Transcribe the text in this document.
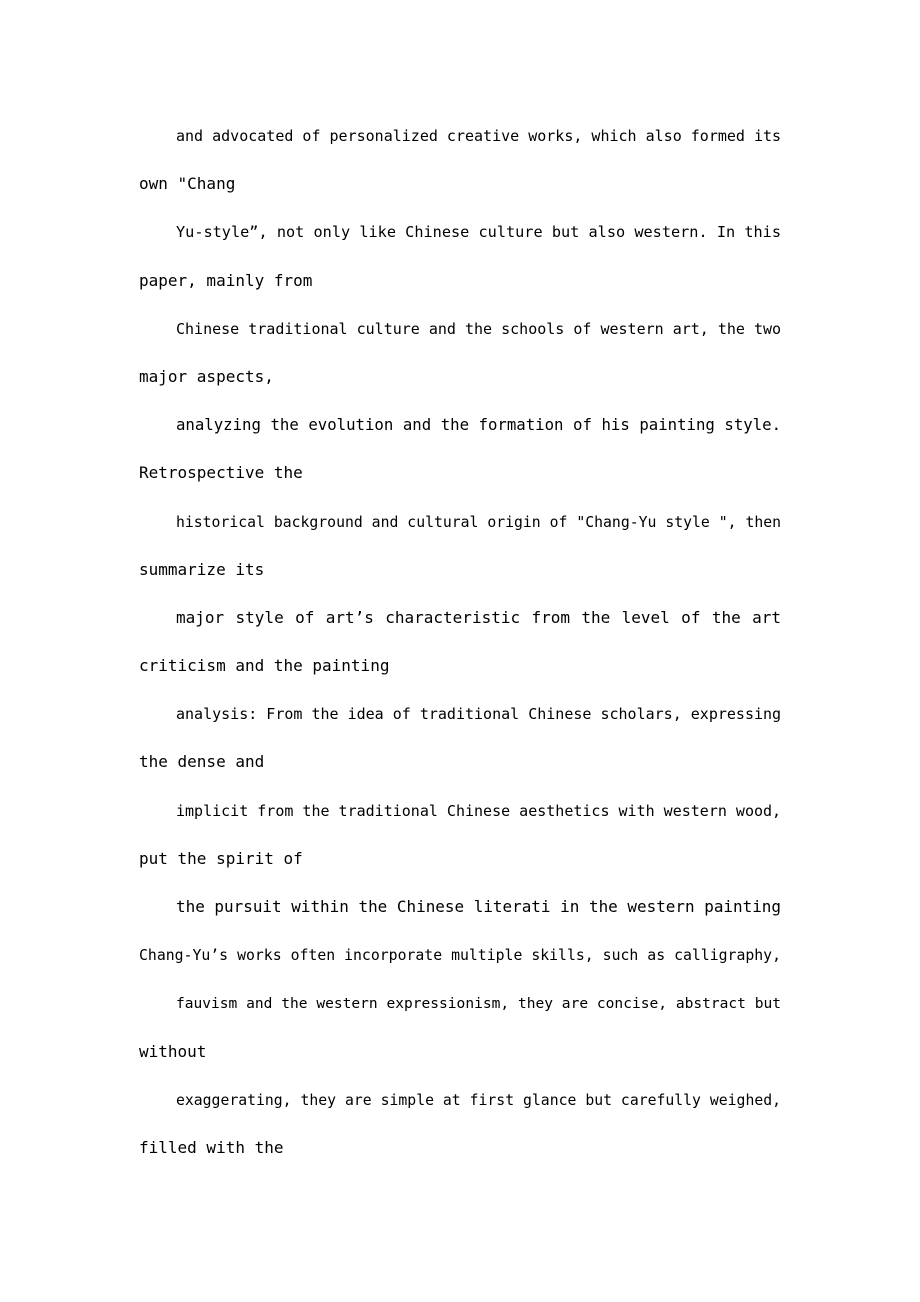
and advocated of personalized creative works, which also formed its
own "Chang
Yu-style”, not only like Chinese culture but also western. In this
paper, mainly from
Chinese traditional culture and the schools of western art, the two
major aspects,
analyzing the evolution and the formation of his painting style.
Retrospective the
historical background and cultural origin of "Chang-Yu style ", then
summarize its
major style of art’s characteristic from the level of the art
criticism and the painting
analysis: From the idea of traditional Chinese scholars, expressing
the dense and
implicit from the traditional Chinese aesthetics with western wood,
put the spirit of
the pursuit within the Chinese literati in the western painting
Chang-Yu’s works often incorporate multiple skills, such as calligraphy,
fauvism and the western expressionism, they are concise, abstract but
without
exaggerating, they are simple at first glance but carefully weighed,
filled with the
